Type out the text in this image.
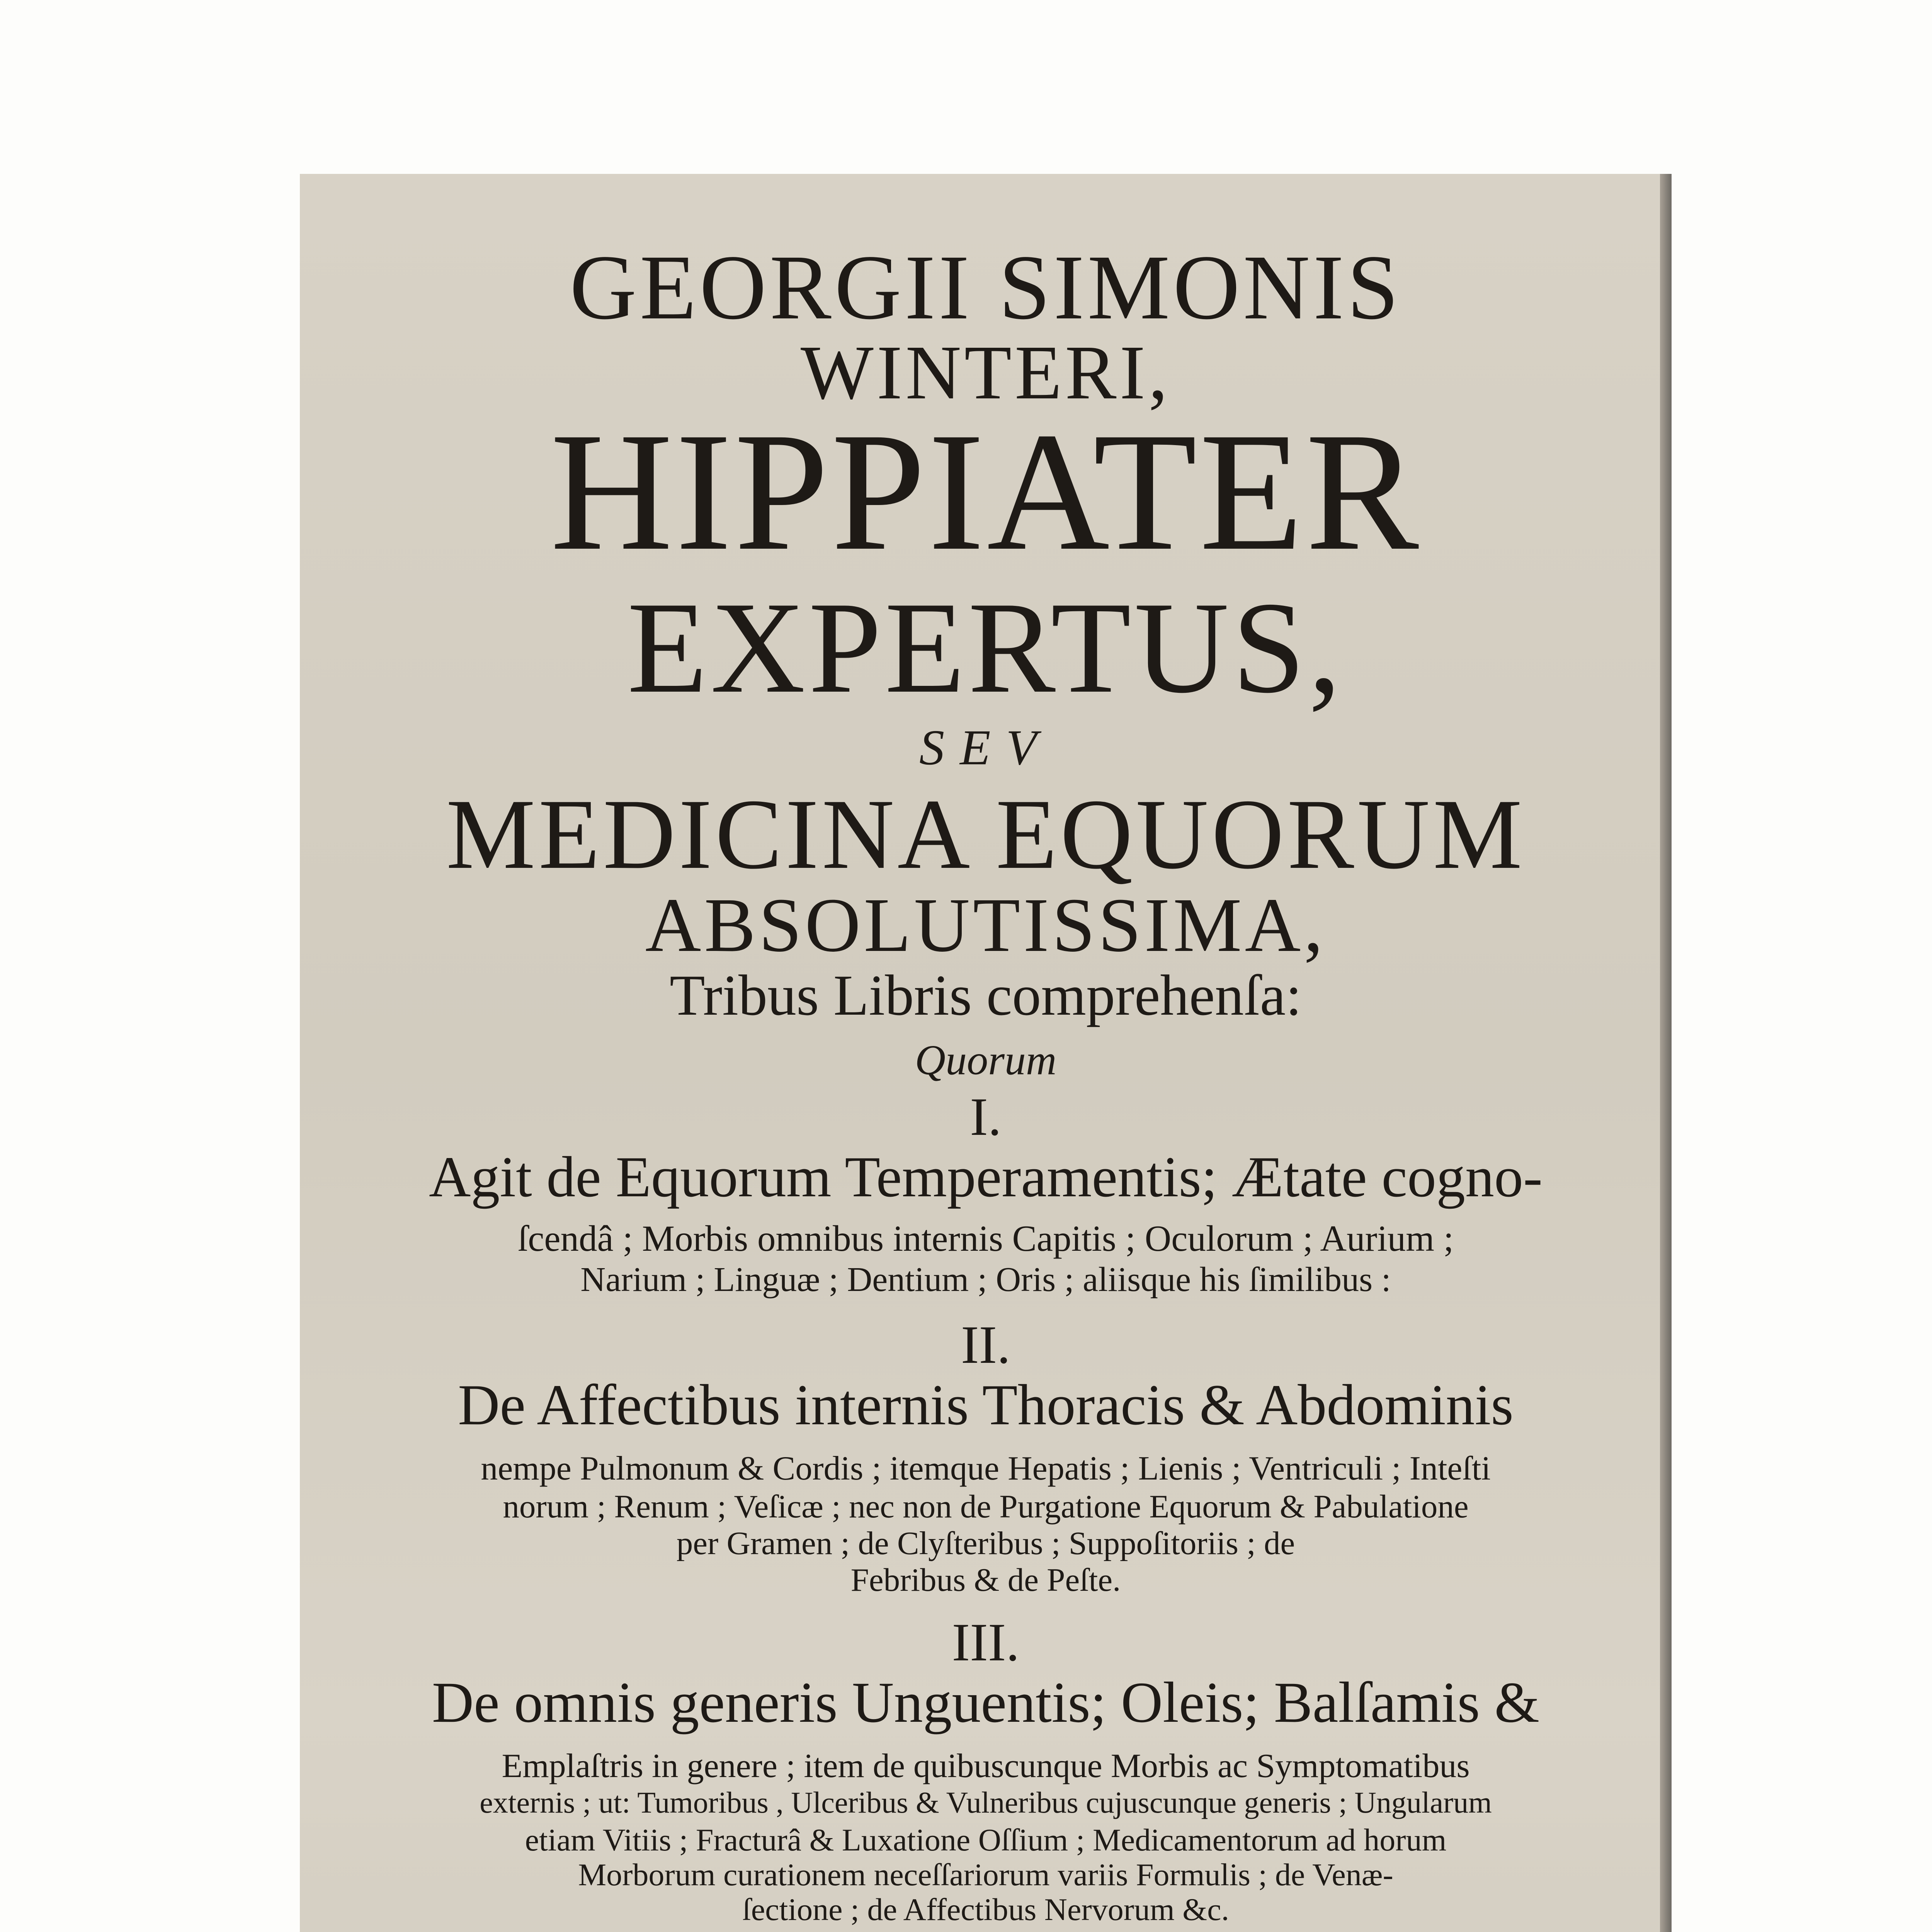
GEORGII SIMONIS

WINTERI,

HIPPIATER

EXPERTUS,

SEV

MEDICINA EQUORUM

ABSOLUTISSIMA,

Tribus Libris comprehenſa:

Quorum

I.

Agit de Equorum Temperamentis; Ætate cogno-

ſcendâ ; Morbis omnibus internis Capitis ; Oculorum ; Aurium ;

Narium ; Linguæ ; Dentium ; Oris ; aliisque his ſimilibus :

II.

De Affectibus internis Thoracis & Abdominis

nempe Pulmonum & Cordis ; itemque Hepatis ; Lienis ; Ventriculi ; Inteſti

norum ; Renum ; Veſicæ ; nec non de Purgatione Equorum & Pabulatione

per Gramen ; de Clyſteribus ; Suppoſitoriis ; de

Febribus & de Peſte.

III.

De omnis generis Unguentis; Oleis; Balſamis &

Emplaſtris in genere ; item de quibuscunque Morbis ac Symptomatibus

externis ; ut: Tumoribus , Ulceribus & Vulneribus cujuscunque generis ; Ungularum

etiam Vitiis ; Fracturâ & Luxatione Oſſium ; Medicamentorum ad horum

Morborum curationem neceſſariorum variis Formulis ; de Venæ-

ſectione ; de Affectibus Nervorum &c.
